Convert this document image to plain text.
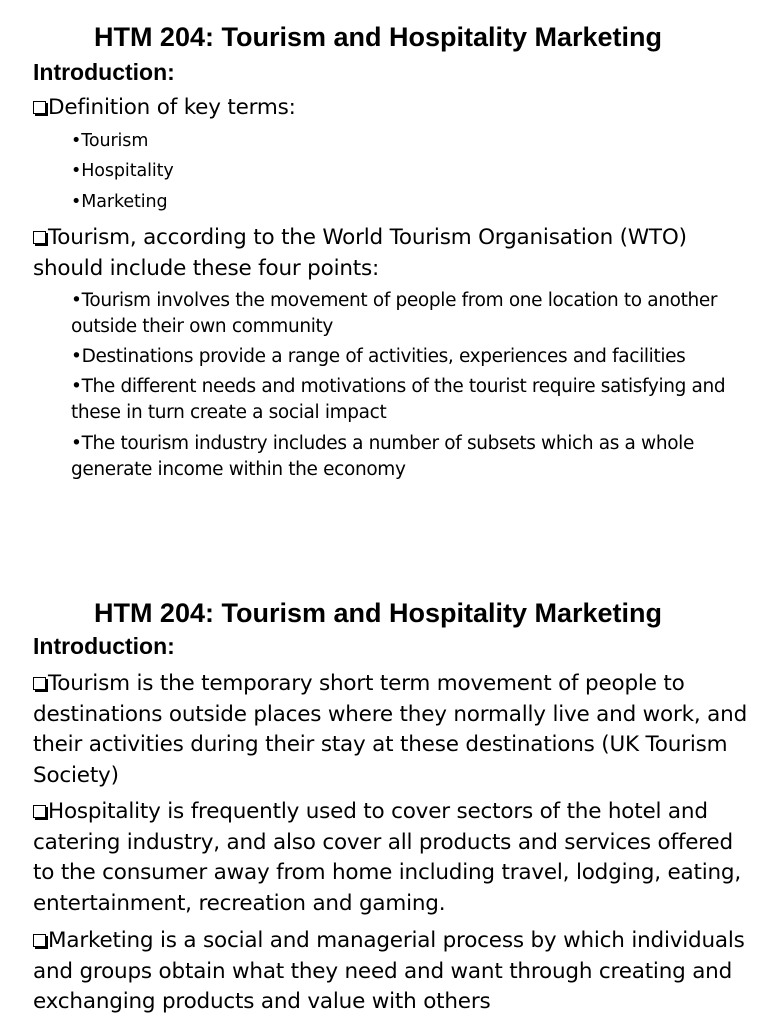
HTM 204: Tourism and Hospitality Marketing
Introduction:
Definition of key terms:
•Tourism
•Hospitality
•Marketing
Tourism, according to the World Tourism Organisation (WTO) should include these four points:
•Tourism involves the movement of people from one location to another outside their own community
•Destinations provide a range of activities, experiences and facilities
•The different needs and motivations of the tourist require satisfying and these in turn create a social impact
•The tourism industry includes a number of subsets which as a whole generate income within the economy
HTM 204: Tourism and Hospitality Marketing
Introduction:
Tourism is the temporary short term movement of people to destinations outside places where they normally live and work, and their activities during their stay at these destinations (UK Tourism Society)
Hospitality is frequently used to cover sectors of the hotel and catering industry, and also cover all products and services offered to the consumer away from home including travel, lodging, eating, entertainment, recreation and gaming.
Marketing is a social and managerial process by which individuals and groups obtain what they need and want through creating and exchanging products and value with others
